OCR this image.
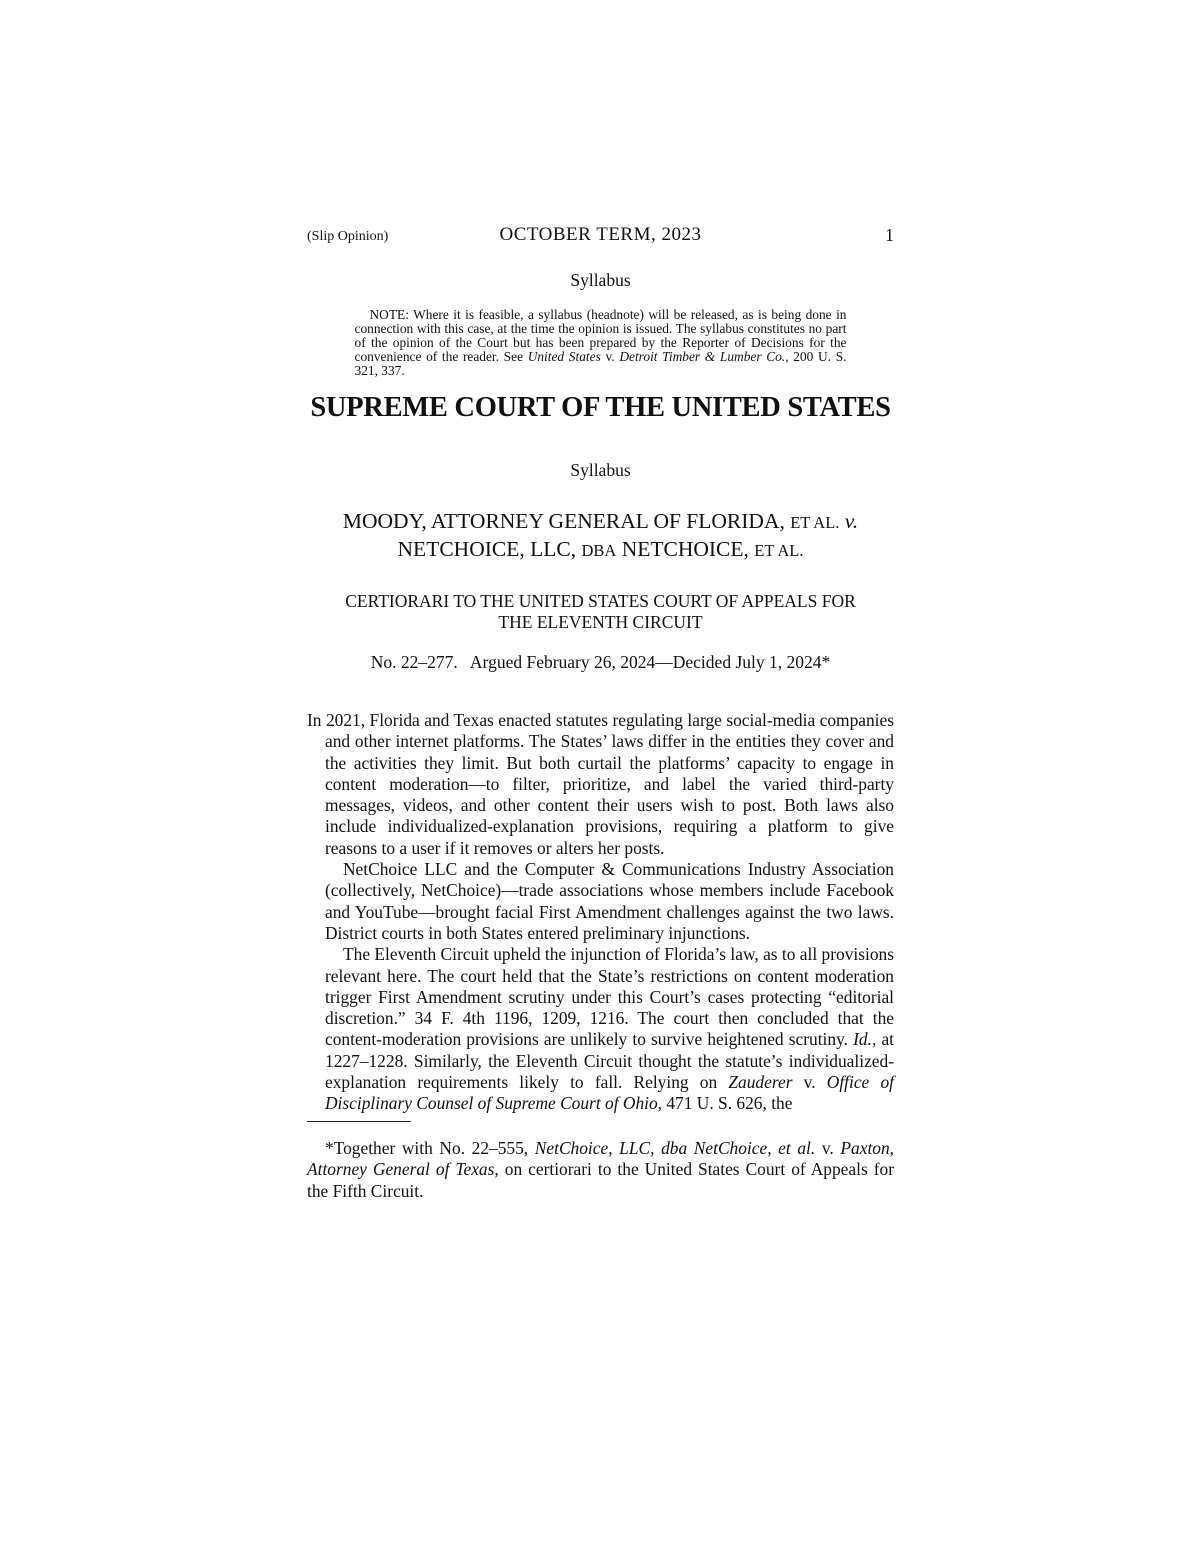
(Slip Opinion)	OCTOBER TERM, 2023	1
Syllabus
NOTE: Where it is feasible, a syllabus (headnote) will be released, as is being done in connection with this case, at the time the opinion is issued. The syllabus constitutes no part of the opinion of the Court but has been prepared by the Reporter of Decisions for the convenience of the reader. See United States v. Detroit Timber & Lumber Co., 200 U. S. 321, 337.
SUPREME COURT OF THE UNITED STATES
Syllabus
MOODY, ATTORNEY GENERAL OF FLORIDA, ET AL. v.
NETCHOICE, LLC, DBA NETCHOICE, ET AL.
CERTIORARI TO THE UNITED STATES COURT OF APPEALS FOR
THE ELEVENTH CIRCUIT
No. 22–277.   Argued February 26, 2024—Decided July 1, 2024*

In 2021, Florida and Texas enacted statutes regulating large social-media companies and other internet platforms. The States’ laws differ in the entities they cover and the activities they limit. But both curtail the platforms’ capacity to engage in content moderation—to filter, prioritize, and label the varied third-party messages, videos, and other content their users wish to post. Both laws also include individualized-explanation provisions, requiring a platform to give reasons to a user if it removes or alters her posts.

NetChoice LLC and the Computer & Communications Industry Association (collectively, NetChoice)—trade associations whose members include Facebook and YouTube—brought facial First Amendment challenges against the two laws. District courts in both States entered preliminary injunctions.

The Eleventh Circuit upheld the injunction of Florida’s law, as to all provisions relevant here. The court held that the State’s restrictions on content moderation trigger First Amendment scrutiny under this Court’s cases protecting “editorial discretion.” 34 F. 4th 1196, 1209, 1216. The court then concluded that the content-moderation provisions are unlikely to survive heightened scrutiny. Id., at 1227–1228. Similarly, the Eleventh Circuit thought the statute’s individualized-explanation requirements likely to fall. Relying on Zauderer v. Office of Disciplinary Counsel of Supreme Court of Ohio, 471 U. S. 626, the

*Together with No. 22–555, NetChoice, LLC, dba NetChoice, et al. v. Paxton, Attorney General of Texas, on certiorari to the United States Court of Appeals for the Fifth Circuit.
